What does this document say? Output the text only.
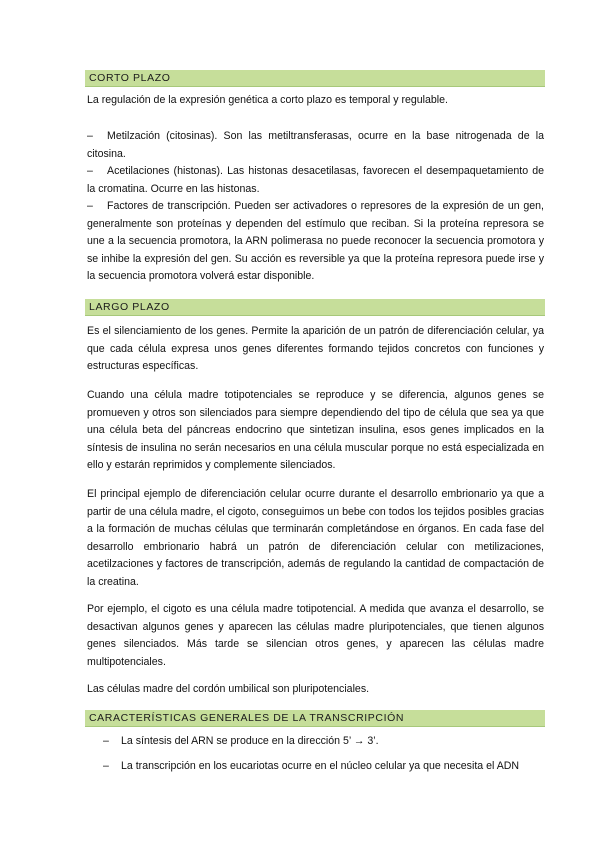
CORTO PLAZO

La regulación de la expresión genética a corto plazo es temporal y regulable.

– Metilzación (citosinas). Son las metiltransferasas, ocurre en la base nitrogenada de la citosina.

– Acetilaciones (histonas). Las histonas desacetilasas, favorecen el desempaquetamiento de la cromatina. Ocurre en las histonas.

– Factores de transcripción. Pueden ser activadores o represores de la expresión de un gen, generalmente son proteínas y dependen del estímulo que reciban. Si la proteína represora se une a la secuencia promotora, la ARN polimerasa no puede reconocer la secuencia promotora y se inhibe la expresión del gen. Su acción es reversible ya que la proteína represora puede irse y la secuencia promotora volverá estar disponible.

LARGO PLAZO

Es el silenciamiento de los genes. Permite la aparición de un patrón de diferenciación celular, ya que cada célula expresa unos genes diferentes formando tejidos concretos con funciones y estructuras específicas.

Cuando una célula madre totipotenciales se reproduce y se diferencia, algunos genes se promueven y otros son silenciados para siempre dependiendo del tipo de célula que sea ya que una célula beta del páncreas endocrino que sintetizan insulina, esos genes implicados en la síntesis de insulina no serán necesarios en una célula muscular porque no está especializada en ello y estarán reprimidos y complemente silenciados.

El principal ejemplo de diferenciación celular ocurre durante el desarrollo embrionario ya que a partir de una célula madre, el cigoto, conseguimos un bebe con todos los tejidos posibles gracias a la formación de muchas células que terminarán completándose en órganos. En cada fase del desarrollo embrionario habrá un patrón de diferenciación celular con metilizaciones, acetilzaciones y factores de transcripción, además de regulando la cantidad de compactación de la creatina.

Por ejemplo, el cigoto es una célula madre totipotencial. A medida que avanza el desarrollo, se desactivan algunos genes y aparecen las células madre pluripotenciales, que tienen algunos genes silenciados. Más tarde se silencian otros genes, y aparecen las células madre multipotenciales.

Las células madre del cordón umbilical son pluripotenciales.

CARACTERÍSTICAS GENERALES DE LA TRANSCRIPCIÓN
–	La síntesis del ARN se produce en la dirección 5’ → 3’.
–	La transcripción en los eucariotas ocurre en el núcleo celular ya que necesita el ADN
